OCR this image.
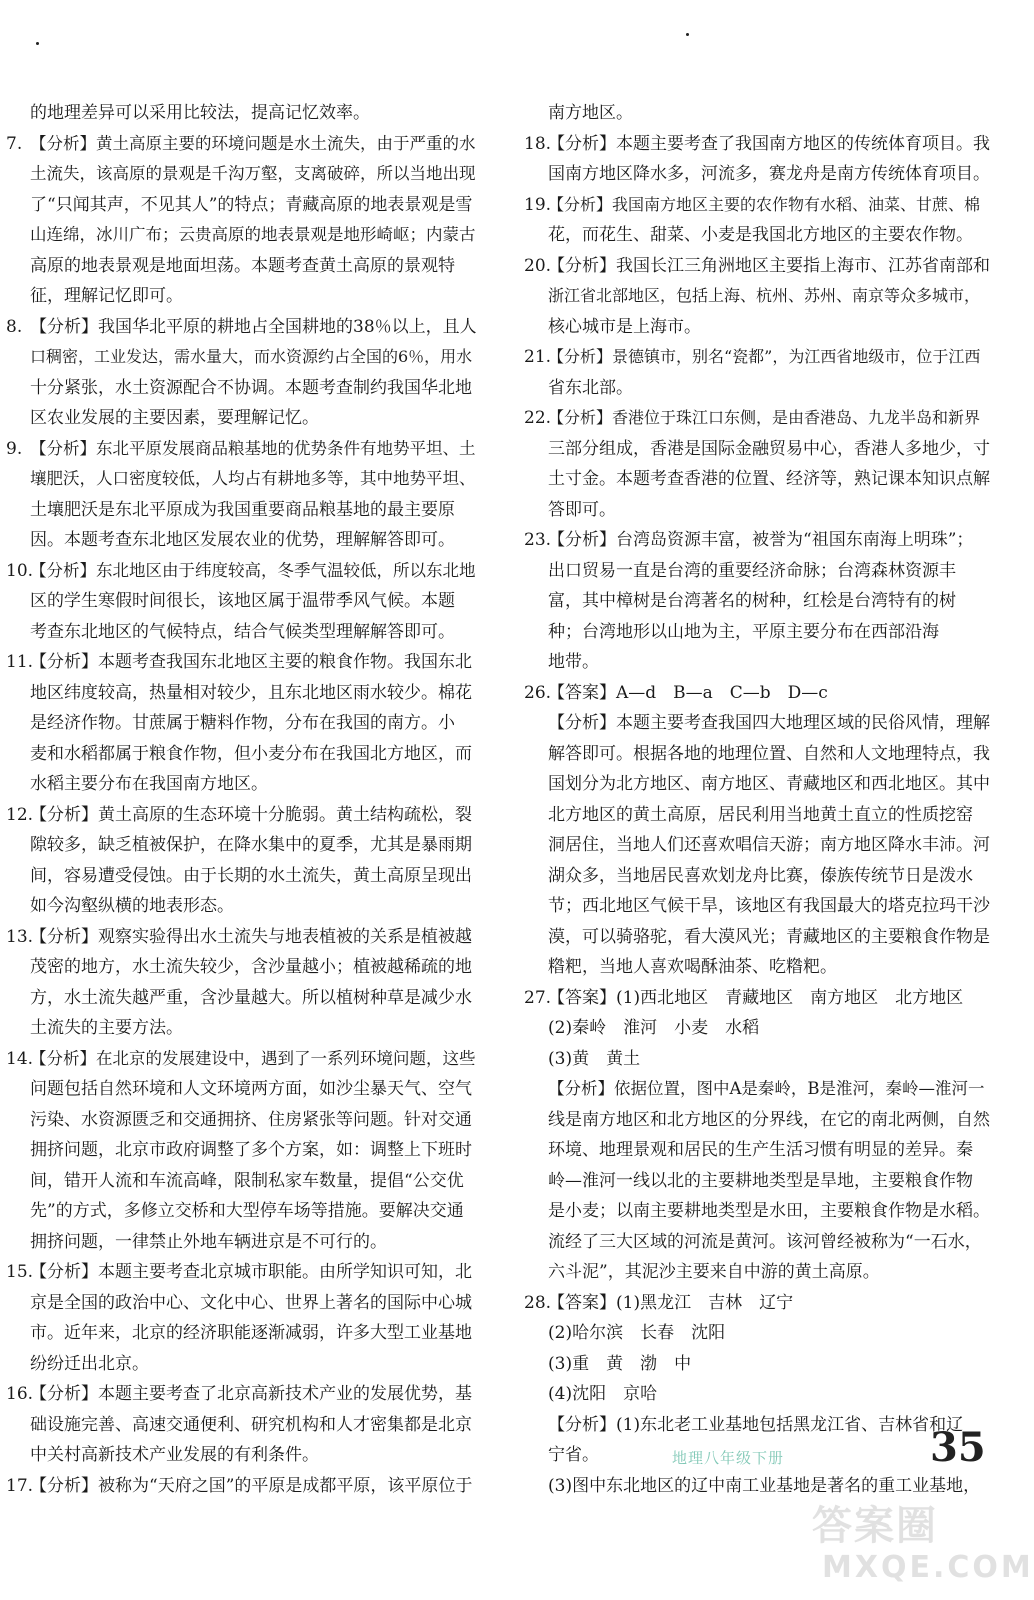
的地理差异可以采用比较法，提高记忆效率。
7. 【分析】黄土高原主要的环境问题是水土流失，由于严重的水
土流失，该高原的景观是千沟万壑，支离破碎，所以当地出现
了“只闻其声，不见其人”的特点；青藏高原的地表景观是雪
山连绵，冰川广布；云贵高原的地表景观是地形崎岖；内蒙古
高原的地表景观是地面坦荡。本题考查黄土高原的景观特
征，理解记忆即可。
8. 【分析】我国华北平原的耕地占全国耕地的38％以上，且人
口稠密，工业发达，需水量大，而水资源约占全国的6％，用水
十分紧张，水土资源配合不协调。本题考查制约我国华北地
区农业发展的主要因素，要理解记忆。
9. 【分析】东北平原发展商品粮基地的优势条件有地势平坦、土
壤肥沃，人口密度较低，人均占有耕地多等，其中地势平坦、
土壤肥沃是东北平原成为我国重要商品粮基地的最主要原
因。本题考查东北地区发展农业的优势，理解解答即可。
10.
【分析】东北地区由于纬度较高，冬季气温较低，所以东北地
区的学生寒假时间很长，该地区属于温带季风气候。本题
考查东北地区的气候特点，结合气候类型理解解答即可。
11.
【分析】本题考查我国东北地区主要的粮食作物。我国东北
地区纬度较高，热量相对较少，且东北地区雨水较少。棉花
是经济作物。甘蔗属于糖料作物，分布在我国的南方。小
麦和水稻都属于粮食作物，但小麦分布在我国北方地区，而
水稻主要分布在我国南方地区。
12.
【分析】黄土高原的生态环境十分脆弱。黄土结构疏松，裂
隙较多，缺乏植被保护，在降水集中的夏季，尤其是暴雨期
间，容易遭受侵蚀。由于长期的水土流失，黄土高原呈现出
如今沟壑纵横的地表形态。
13.
【分析】观察实验得出水土流失与地表植被的关系是植被越
茂密的地方，水土流失较少，含沙量越小；植被越稀疏的地
方，水土流失越严重，含沙量越大。所以植树种草是减少水
土流失的主要方法。
14.
【分析】在北京的发展建设中，遇到了一系列环境问题，这些
问题包括自然环境和人文环境两方面，如沙尘暴天气、空气
污染、水资源匮乏和交通拥挤、住房紧张等问题。针对交通
拥挤问题，北京市政府调整了多个方案，如：调整上下班时
间，错开人流和车流高峰，限制私家车数量，提倡“公交优
先”的方式，多修立交桥和大型停车场等措施。要解决交通
拥挤问题，一律禁止外地车辆进京是不可行的。
15.
【分析】本题主要考查北京城市职能。由所学知识可知，北
京是全国的政治中心、文化中心、世界上著名的国际中心城
市。近年来，北京的经济职能逐渐减弱，许多大型工业基地
纷纷迁出北京。
16.
【分析】本题主要考查了北京高新技术产业的发展优势，基
础设施完善、高速交通便利、研究机构和人才密集都是北京
中关村高新技术产业发展的有利条件。
17.
【分析】被称为“天府之国”的平原是成都平原，该平原位于
南方地区。
18.
【分析】本题主要考查了我国南方地区的传统体育项目。我
国南方地区降水多，河流多，赛龙舟是南方传统体育项目。
19.
【分析】我国南方地区主要的农作物有水稻、油菜、甘蔗、棉
花，而花生、甜菜、小麦是我国北方地区的主要农作物。
20.
【分析】我国长江三角洲地区主要指上海市、江苏省南部和
浙江省北部地区，包括上海、杭州、苏州、南京等众多城市，
核心城市是上海市。
21.
【分析】景德镇市，别名“瓷都”，为江西省地级市，位于江西
省东北部。
22.
【分析】香港位于珠江口东侧，是由香港岛、九龙半岛和新界
三部分组成，香港是国际金融贸易中心，香港人多地少，寸
土寸金。本题考查香港的位置、经济等，熟记课本知识点解
答即可。
23.
【分析】台湾岛资源丰富，被誉为“祖国东南海上明珠”；
出口贸易一直是台湾的重要经济命脉；台湾森林资源丰
富，其中樟树是台湾著名的树种，红桧是台湾特有的树
种；台湾地形以山地为主，平原主要分布在西部沿海
地带。
26.
【答案】A—d　B—a　C—b　D—c
【分析】本题主要考查我国四大地理区域的民俗风情，理解
解答即可。根据各地的地理位置、自然和人文地理特点，我
国划分为北方地区、南方地区、青藏地区和西北地区。其中
北方地区的黄土高原，居民利用当地黄土直立的性质挖窑
洞居住，当地人们还喜欢唱信天游；南方地区降水丰沛。河
湖众多，当地居民喜欢划龙舟比赛，傣族传统节日是泼水
节；西北地区气候干旱，该地区有我国最大的塔克拉玛干沙
漠，可以骑骆驼，看大漠风光；青藏地区的主要粮食作物是
糌粑，当地人喜欢喝酥油茶、吃糌粑。
27.
【答案】(1)西北地区　青藏地区　南方地区　北方地区
(2)秦岭　淮河　小麦　水稻
(3)黄　黄土
【分析】依据位置，图中A是秦岭，B是淮河，秦岭—淮河一
线是南方地区和北方地区的分界线，在它的南北两侧，自然
环境、地理景观和居民的生产生活习惯有明显的差异。秦
岭—淮河一线以北的主要耕地类型是旱地，主要粮食作物
是小麦；以南主要耕地类型是水田，主要粮食作物是水稻。
流经了三大区域的河流是黄河。该河曾经被称为“一石水，
六斗泥”，其泥沙主要来自中游的黄土高原。
28.
【答案】(1)黑龙江　吉林　辽宁
(2)哈尔滨　长春　沈阳
(3)重　黄　渤　中
(4)沈阳　京哈
【分析】(1)东北老工业基地包括黑龙江省、吉林省和辽
宁省。
(3)图中东北地区的辽中南工业基地是著名的重工业基地，
地理八年级下册	35
答案圈
MXQE.COM
